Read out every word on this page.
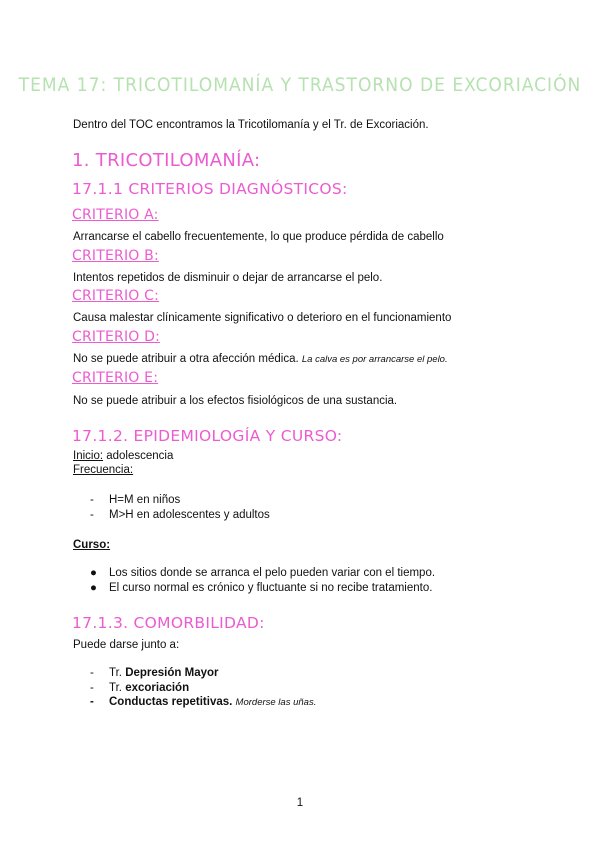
TEMA 17: TRICOTILOMANÍA Y TRASTORNO DE EXCORIACIÓN
Dentro del TOC encontramos la Tricotilomanía y el Tr. de Excoriación.
1. TRICOTILOMANÍA:
17.1.1 CRITERIOS DIAGNÓSTICOS:
CRITERIO A:
Arrancarse el cabello frecuentemente, lo que produce pérdida de cabello
CRITERIO B:
Intentos repetidos de disminuir o dejar de arrancarse el pelo.
CRITERIO C:
Causa malestar clínicamente significativo o deterioro en el funcionamiento
CRITERIO D:
No se puede atribuir a otra afección médica. La calva es por arrancarse el pelo.
CRITERIO E:
No se puede atribuir a los efectos fisiológicos de una sustancia.
17.1.2. EPIDEMIOLOGÍA Y CURSO:
Inicio: adolescencia
Frecuencia:
- H=M en niños
- M>H en adolescentes y adultos
Curso:
● Los sitios donde se arranca el pelo pueden variar con el tiempo.
● El curso normal es crónico y fluctuante si no recibe tratamiento.
17.1.3. COMORBILIDAD:
Puede darse junto a:
- Tr. Depresión Mayor
- Tr. excoriación
- Conductas repetitivas. Morderse las uñas.
1
